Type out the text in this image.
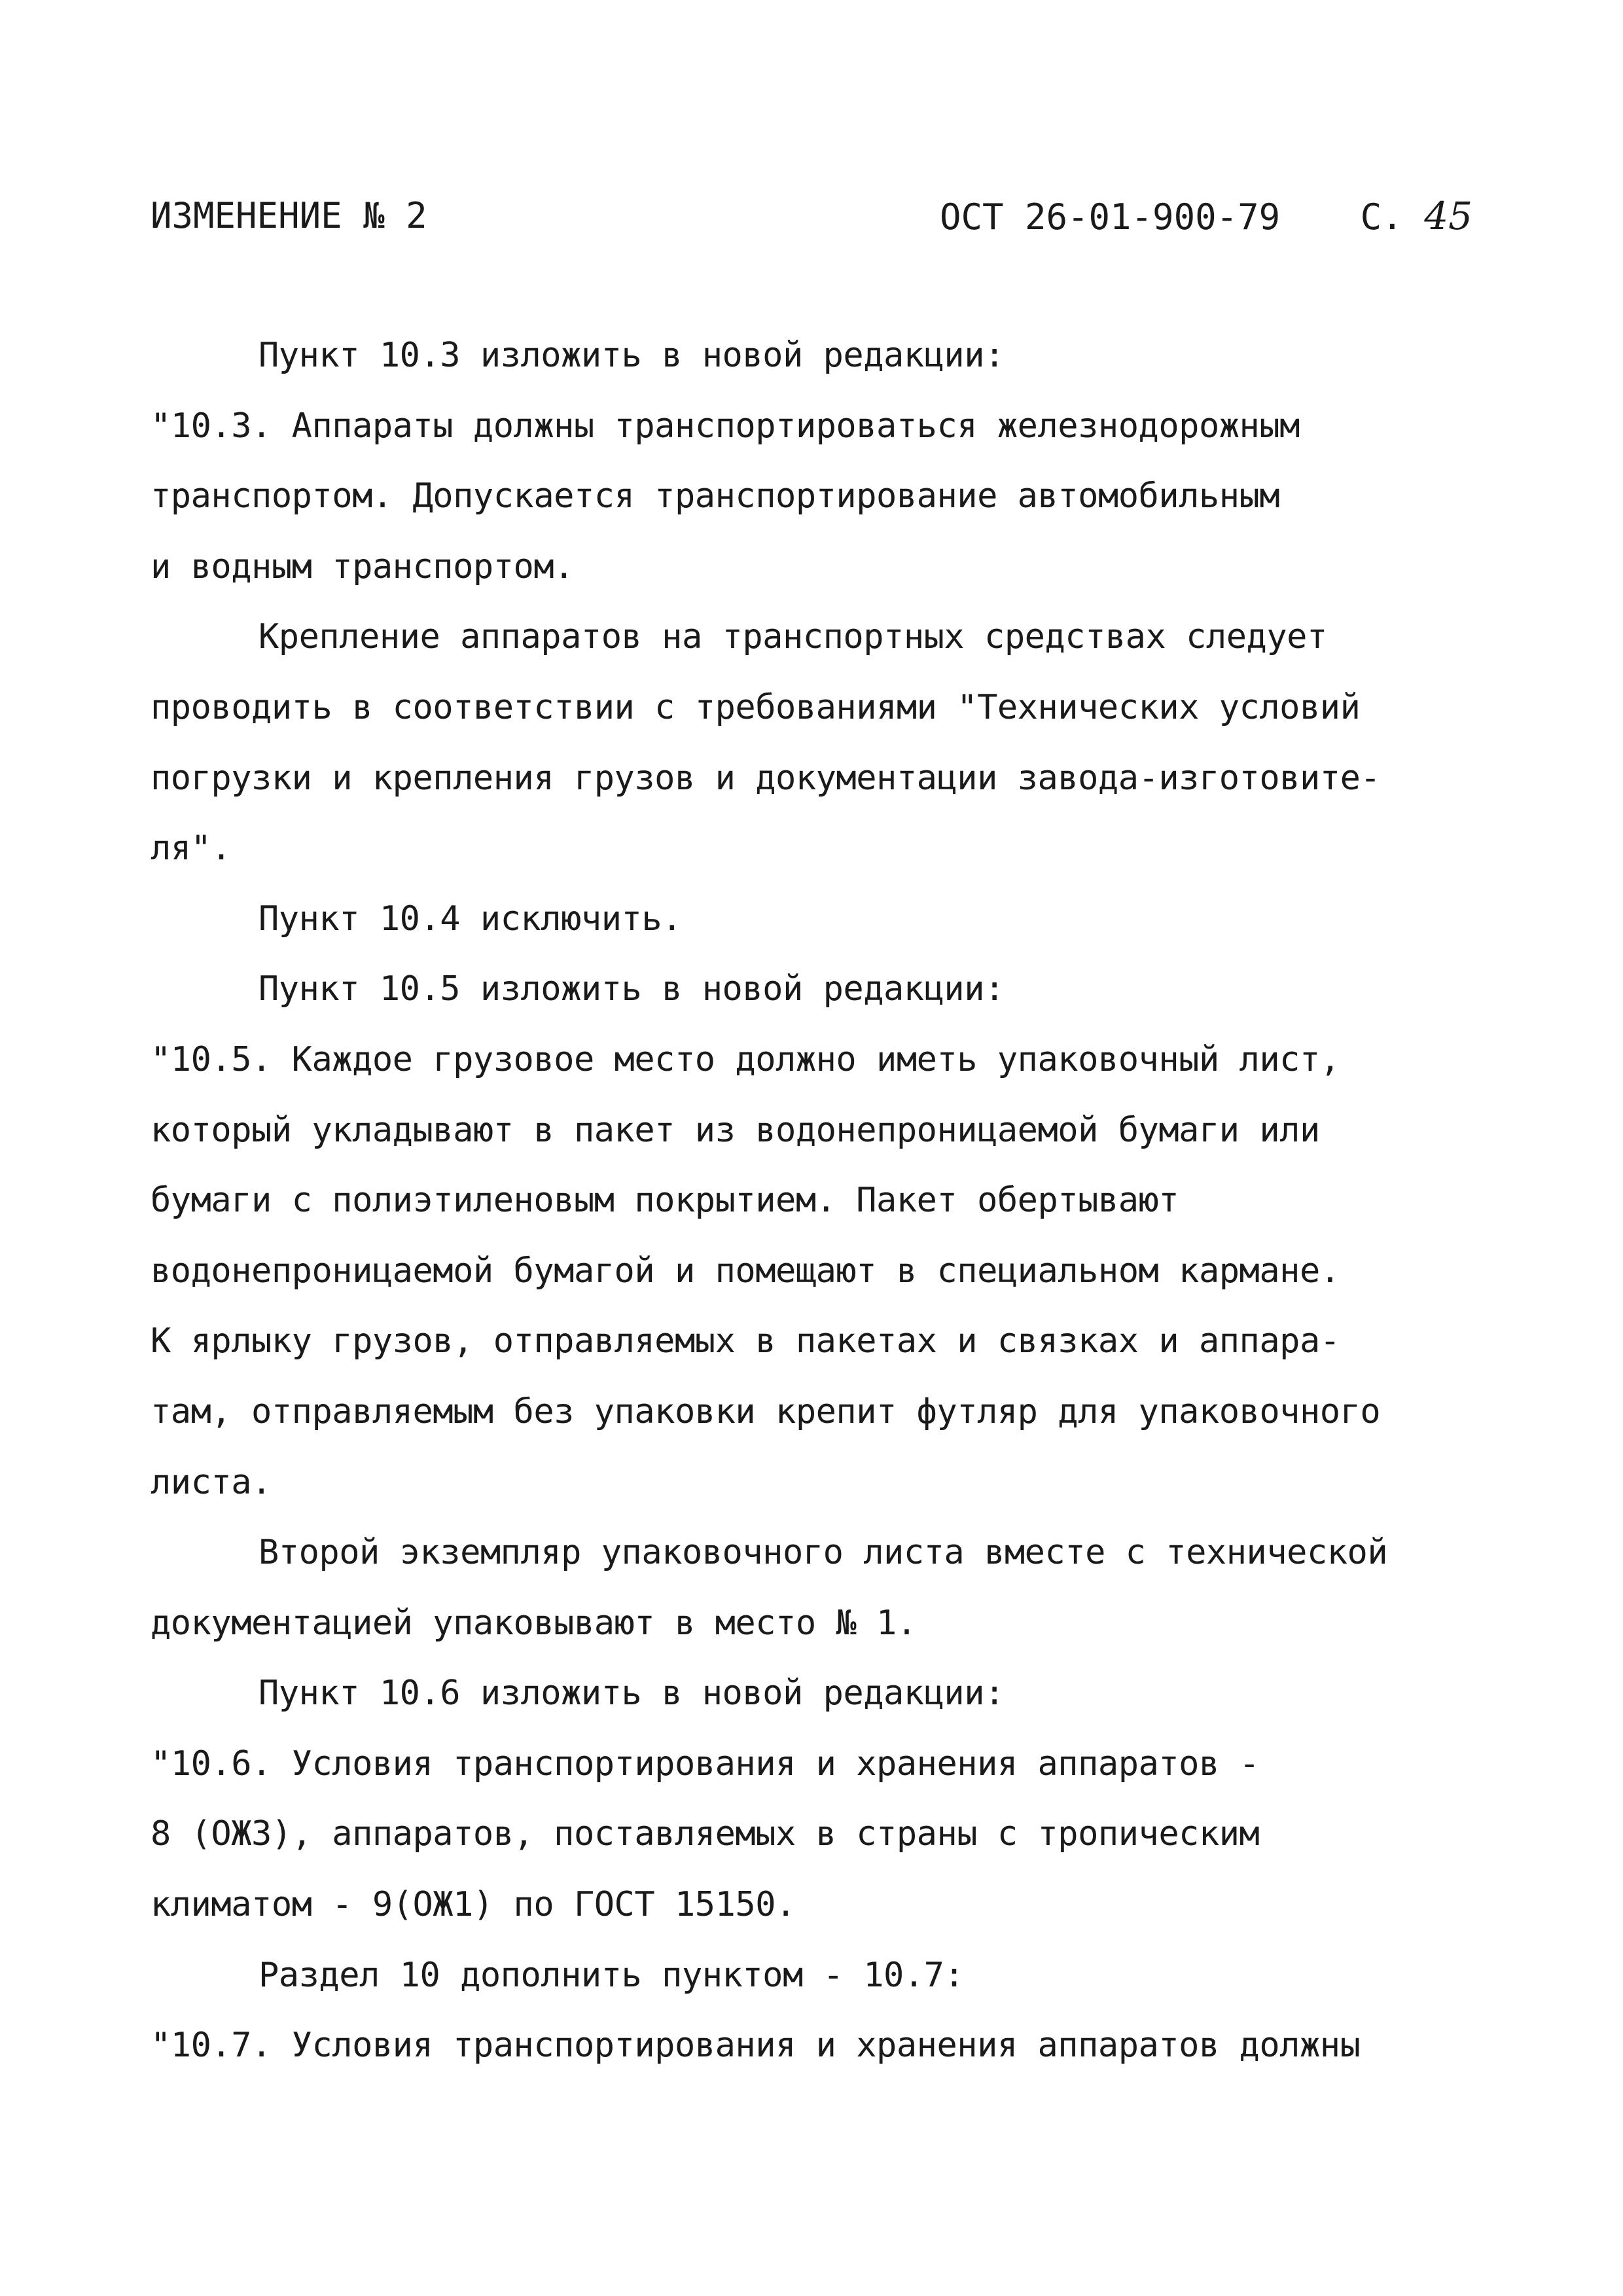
ИЗМЕНЕНИЕ № 2	ОСТ 26-01-900-79 С. 45
Пункт 10.3 изложить в новой редакции:
"10.3. Аппараты должны транспортироваться железнодорожным
транспортом. Допускается транспортирование автомобильным
и водным транспортом.
Крепление аппаратов на транспортных средствах следует
проводить в соответствии с требованиями "Технических условий
погрузки и крепления грузов и документации завода-изготовите-
ля".
Пункт 10.4 исключить.
Пункт 10.5 изложить в новой редакции:
"10.5. Каждое грузовое место должно иметь упаковочный лист,
который укладывают в пакет из водонепроницаемой бумаги или
бумаги с полиэтиленовым покрытием. Пакет обертывают
водонепроницаемой бумагой и помещают в специальном кармане.
К ярлыку грузов, отправляемых в пакетах и связках и аппара-
там, отправляемым без упаковки крепит футляр для упаковочного
листа.
Второй экземпляр упаковочного листа вместе с технической
документацией упаковывают в место № 1.
Пункт 10.6 изложить в новой редакции:
"10.6. Условия транспортирования и хранения аппаратов -
8 (ОЖ3), аппаратов, поставляемых в страны с тропическим
климатом - 9(ОЖ1) по ГОСТ 15150.
Раздел 10 дополнить пунктом - 10.7:
"10.7. Условия транспортирования и хранения аппаратов должны
